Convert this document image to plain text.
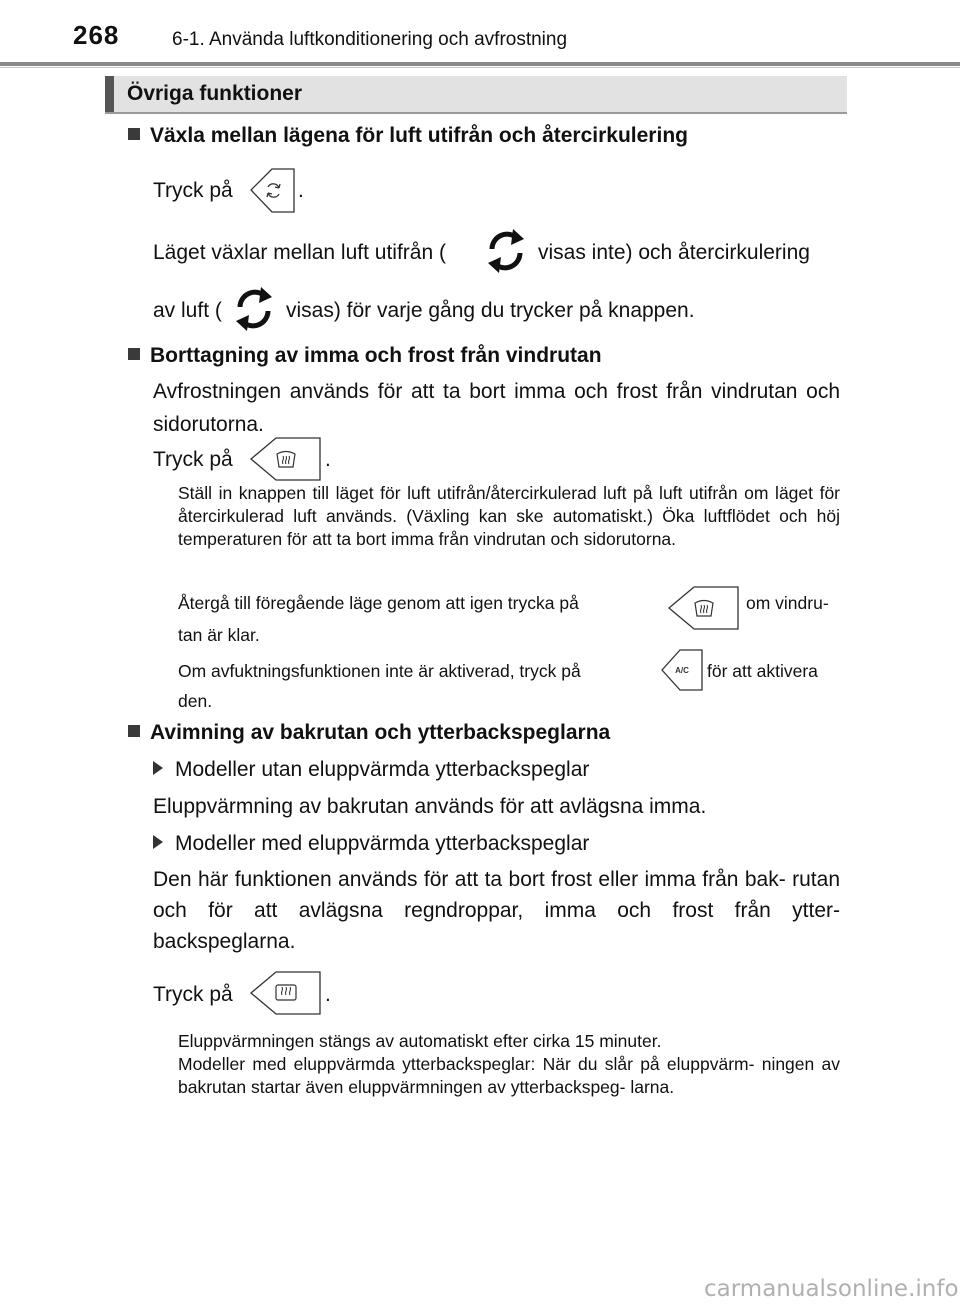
268	6-1. Använda luftkonditionering och avfrostning
Övriga funktioner
Växla mellan lägena för luft utifrån och återcirkulering
Tryck på	.
Läget växlar mellan luft utifrån (	visas inte) och återcirkulering
av luft (	visas) för varje gång du trycker på knappen.
Borttagning av imma och frost från vindrutan
Avfrostningen används för att ta bort imma och frost från vindrutan och sidorutorna.
Tryck på	.
Ställ in knappen till läget för luft utifrån/återcirkulerad luft på luft utifrån om läget för återcirkulerad luft används. (Växling kan ske automatiskt.) Öka luftflödet och höj temperaturen för att ta bort imma från vindrutan och sidorutorna.
Återgå till föregående läge genom att igen trycka på	om vindru-
tan är klar.
Om avfuktningsfunktionen inte är aktiverad, tryck på	A/C för att aktivera
den.
Avimning av bakrutan och ytterbackspeglarna
Modeller utan eluppvärmda ytterbackspeglar
Eluppvärmning av bakrutan används för att avlägsna imma.
Modeller med eluppvärmda ytterbackspeglar
Den här funktionen används för att ta bort frost eller imma från bak- rutan och för att avlägsna regndroppar, imma och frost från ytter- backspeglarna.
Tryck på	.
Eluppvärmningen stängs av automatiskt efter cirka 15 minuter.
Modeller med eluppvärmda ytterbackspeglar: När du slår på eluppvärm- ningen av bakrutan startar även eluppvärmningen av ytterbackspeg- larna.
carmanualsonline.info
